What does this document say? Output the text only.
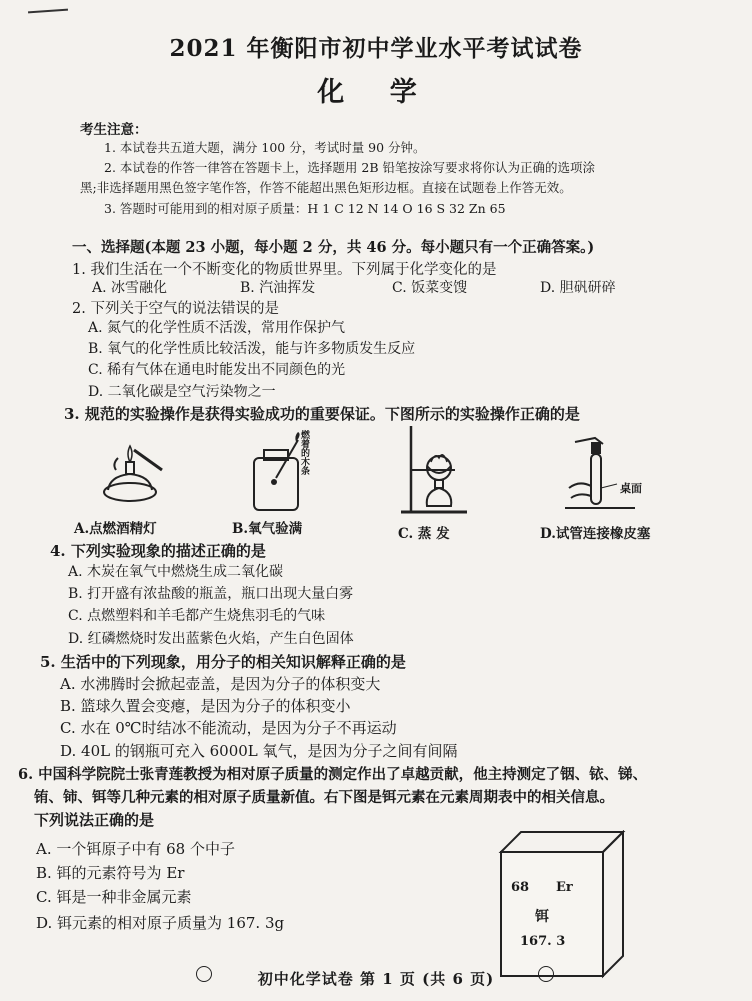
2021 年衡阳市初中学业水平考试试卷
化 学
考生注意：
1. 本试卷共五道大题，满分 100 分，考试时量 90 分钟。
2. 本试卷的作答一律答在答题卡上，选择题用 2B 铅笔按涂写要求将你认为正确的选项涂
黑;非选择题用黑色签字笔作答，作答不能超出黑色矩形边框。直接在试题卷上作答无效。
3. 答题时可能用到的相对原子质量：H 1 C 12 N 14 O 16 S 32 Zn 65
一、选择题(本题 23 小题，每小题 2 分，共 46 分。每小题只有一个正确答案。)
1. 我们生活在一个不断变化的物质世界里。下列属于化学变化的是
A. 冰雪融化	B. 汽油挥发	C. 饭菜变馊	D. 胆矾研碎
2. 下列关于空气的说法错误的是
A. 氮气的化学性质不活泼，常用作保护气
B. 氧气的化学性质比较活泼，能与许多物质发生反应
C. 稀有气体在通电时能发出不同颜色的光
D. 二氧化碳是空气污染物之一
3. 规范的实验操作是获得实验成功的重要保证。下图所示的实验操作正确的是
A.点燃酒精灯
燃着的木条
B.氧气验满	C. 蒸 发
桌面
D.试管连接橡皮塞
4. 下列实验现象的描述正确的是
A. 木炭在氧气中燃烧生成二氧化碳
B. 打开盛有浓盐酸的瓶盖，瓶口出现大量白雾
C. 点燃塑料和羊毛都产生烧焦羽毛的气味
D. 红磷燃烧时发出蓝紫色火焰，产生白色固体
5. 生活中的下列现象，用分子的相关知识解释正确的是
A. 水沸腾时会掀起壶盖，是因为分子的体积变大
B. 篮球久置会变瘪，是因为分子的体积变小
C. 水在 0℃时结冰不能流动，是因为分子不再运动
D. 40L 的钢瓶可充入 6000L 氧气，是因为分子之间有间隔
6. 中国科学院院士张青莲教授为相对原子质量的测定作出了卓越贡献，他主持测定了铟、铱、锑、
铕、铈、铒等几种元素的相对原子质量新值。右下图是铒元素在元素周期表中的相关信息。
下列说法正确的是
A. 一个铒原子中有 68 个中子
B. 铒的元素符号为 Er
C. 铒是一种非金属元素
D. 铒元素的相对原子质量为 167. 3g
68 Er
铒
167. 3
初中化学试卷 第 1 页 (共 6 页)
